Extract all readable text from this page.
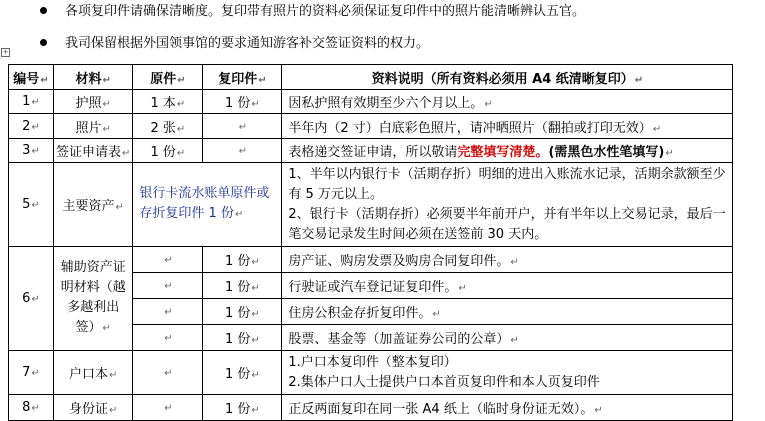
各项复印件请确保清晰度。复印带有照片的资料必须保证复印件中的照片能清晰辨认五官。
我司保留根据外国领事馆的要求通知游客补交签证资料的权力。
+
编号↵	材料↵	原件↵	复印件↵	资料说明（所有资料必须用 A4 纸清晰复印）↵
1↵	护照↵	1 本↵	1 份↵	因私护照有效期至少六个月以上。↵
2↵	照片↵	2 张↵	↵	半年内（2 寸）白底彩色照片，请冲晒照片（翻拍或打印无效）↵
3↵	签证申请表↵	1 份↵	↵	表格递交签证申请，所以敬请完整填写清楚。(需黑色水性笔填写)↵
5↵	主要资产↵	银行卡流水账单原件或存折复印件 1 份↵		1、半年以内银行卡（活期存折）明细的进出入账流水记录，活期余款额至少有 5 万元以上。
2、银行卡（活期存折）必须要半年前开户，并有半年以上交易记录，最后一笔交易记录发生时间必须在送签前 30 天内。

6↵	辅助资产证明材料（越多越利出签）↵	↵	1 份↵	房产证、购房发票及购房合同复印件。↵
		↵	1 份↵	行驶证或汽车登记证复印件。↵
		↵	1 份↵	住房公积金存折复印件。↵
		↵	1 份↵	股票、基金等（加盖证券公司的公章）↵
7↵	户口本↵	↵	1 份↵	1.户口本复印件（整本复印）
2.集体户口人士提供户口本首页复印件和本人页复印件

8↵	身份证↵	↵	1 份↵	正反两面复印在同一张 A4 纸上（临时身份证无效）。↵
